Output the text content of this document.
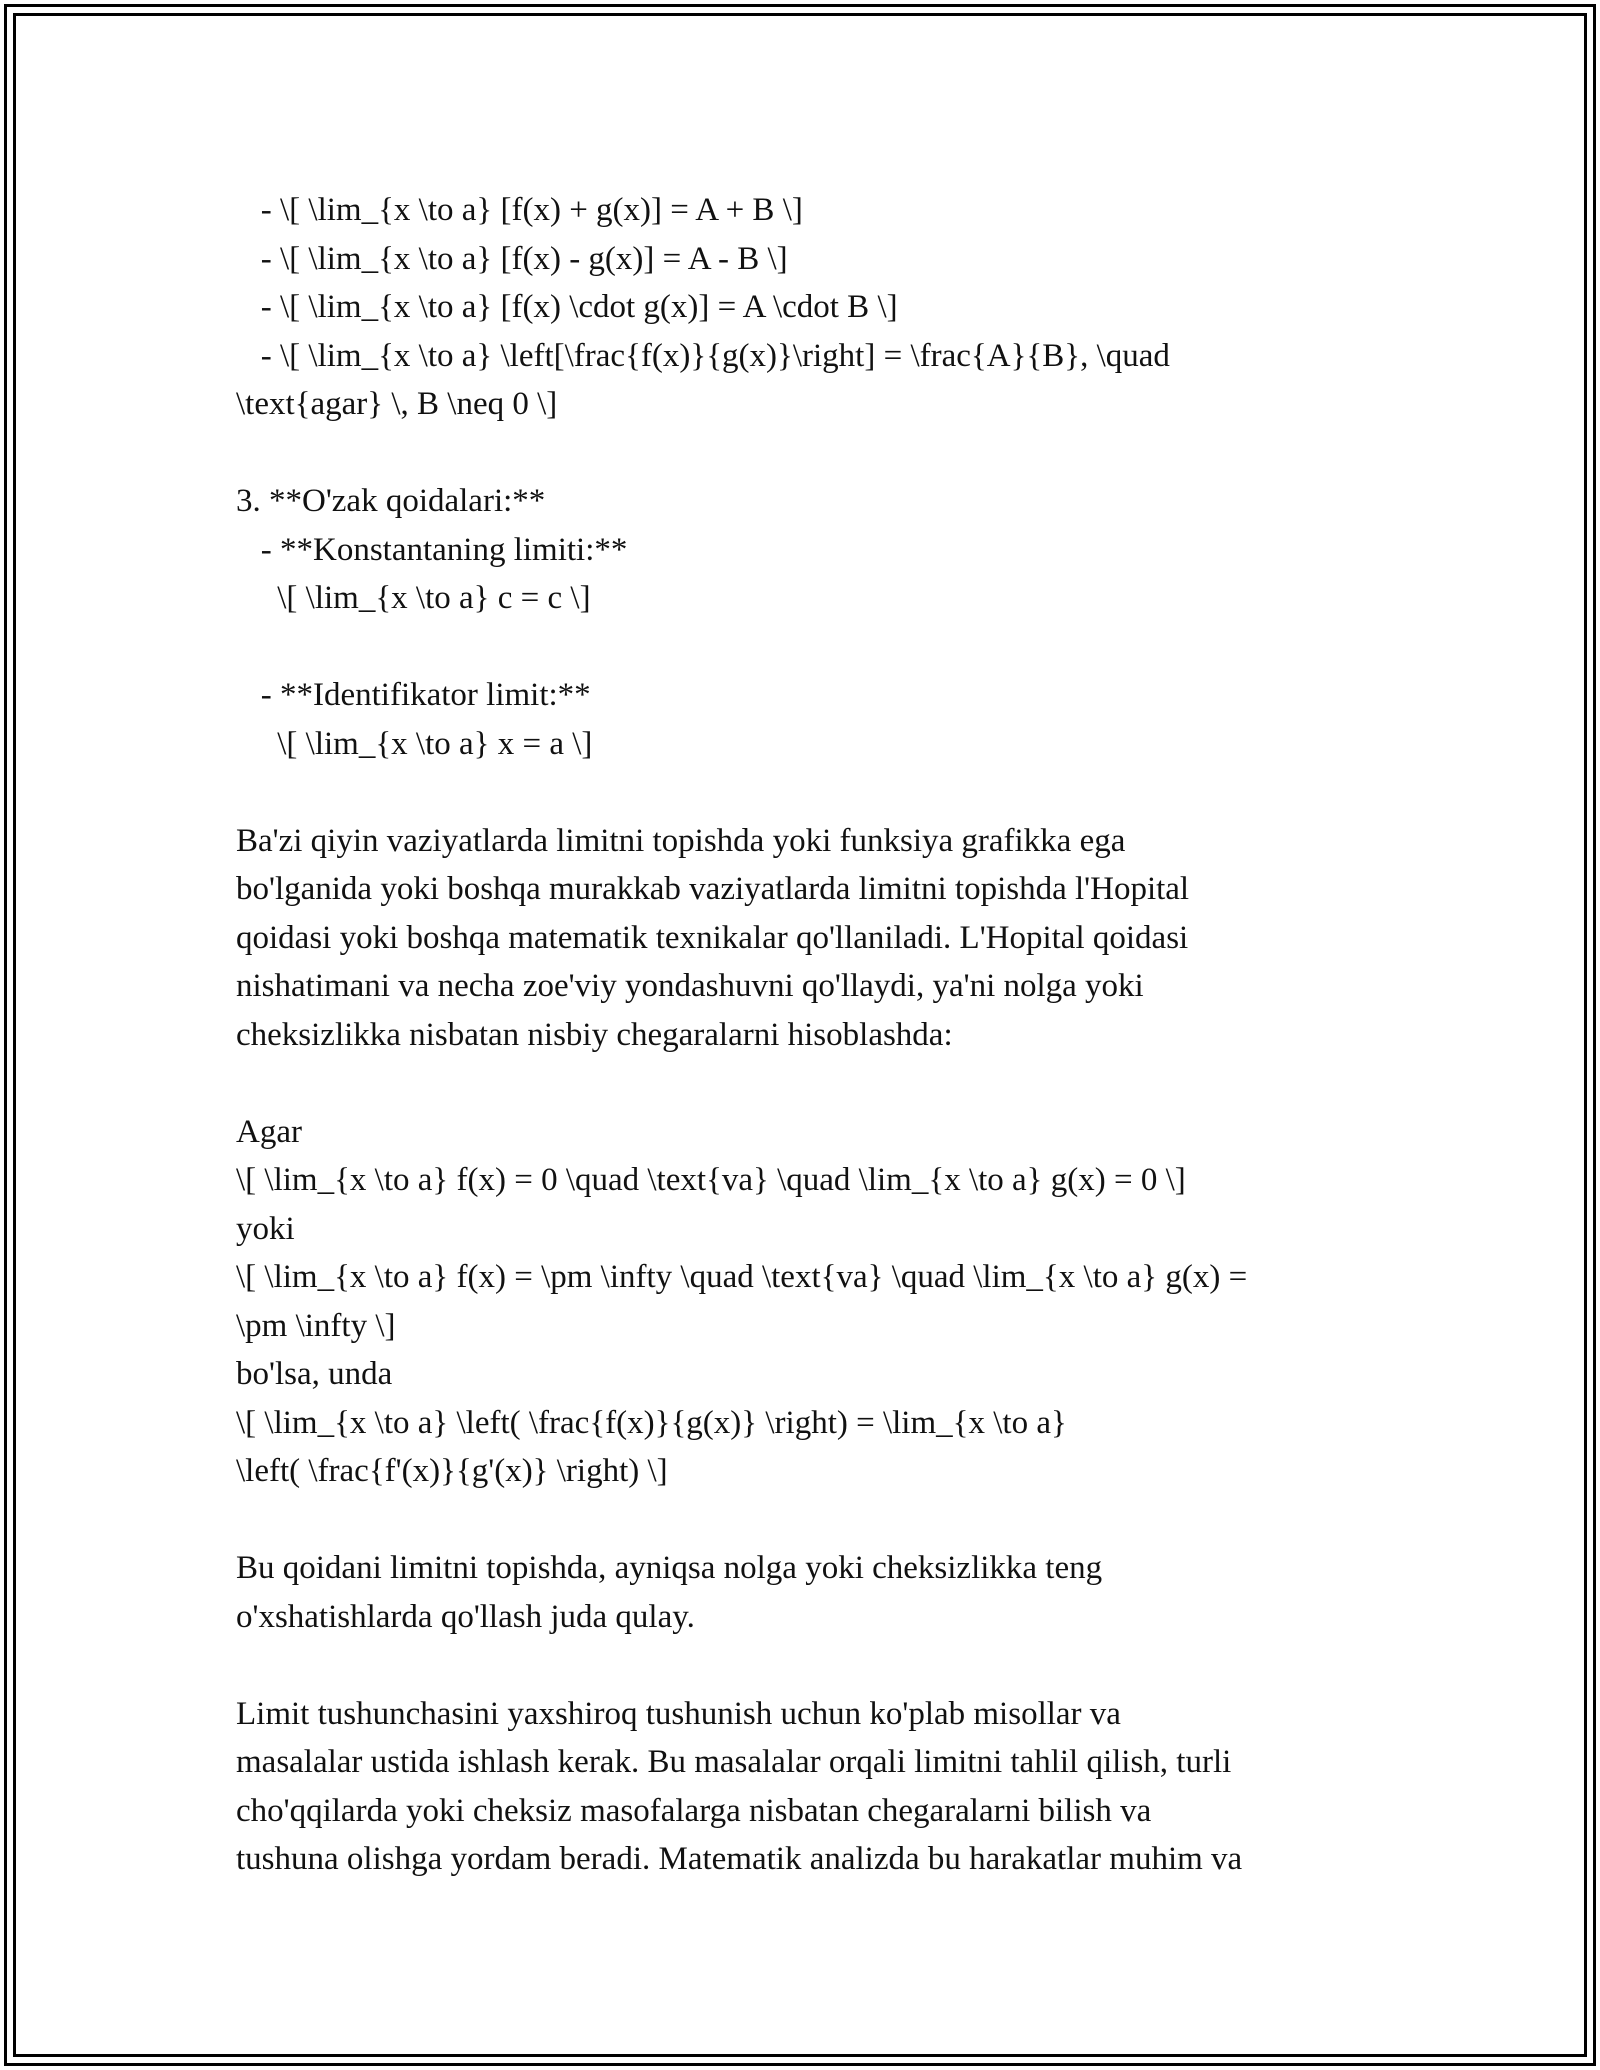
- \[ \lim_{x \to a} [f(x) + g(x)] = A + B \]
- \[ \lim_{x \to a} [f(x) - g(x)] = A - B \]
- \[ \lim_{x \to a} [f(x) \cdot g(x)] = A \cdot B \]
- \[ \lim_{x \to a} \left[\frac{f(x)}{g(x)}\right] = \frac{A}{B}, \quad
\text{agar} \, B \neq 0 \]
3. **O'zak qoidalari:**
- **Konstantaning limiti:**
\[ \lim_{x \to a} c = c \]
- **Identifikator limit:**
\[ \lim_{x \to a} x = a \]
Ba'zi qiyin vaziyatlarda limitni topishda yoki funksiya grafikka ega
bo'lganida yoki boshqa murakkab vaziyatlarda limitni topishda l'Hopital
qoidasi yoki boshqa matematik texnikalar qo'llaniladi. L'Hopital qoidasi
nishatimani va necha zoe'viy yondashuvni qo'llaydi, ya'ni nolga yoki
cheksizlikka nisbatan nisbiy chegaralarni hisoblashda:
Agar
\[ \lim_{x \to a} f(x) = 0 \quad \text{va} \quad \lim_{x \to a} g(x) = 0 \]
yoki
\[ \lim_{x \to a} f(x) = \pm \infty \quad \text{va} \quad \lim_{x \to a} g(x) =
\pm \infty \]
bo'lsa, unda
\[ \lim_{x \to a} \left( \frac{f(x)}{g(x)} \right) = \lim_{x \to a}
\left( \frac{f'(x)}{g'(x)} \right) \]
Bu qoidani limitni topishda, ayniqsa nolga yoki cheksizlikka teng
o'xshatishlarda qo'llash juda qulay.
Limit tushunchasini yaxshiroq tushunish uchun ko'plab misollar va
masalalar ustida ishlash kerak. Bu masalalar orqali limitni tahlil qilish, turli
cho'qqilarda yoki cheksiz masofalarga nisbatan chegaralarni bilish va
tushuna olishga yordam beradi. Matematik analizda bu harakatlar muhim va
